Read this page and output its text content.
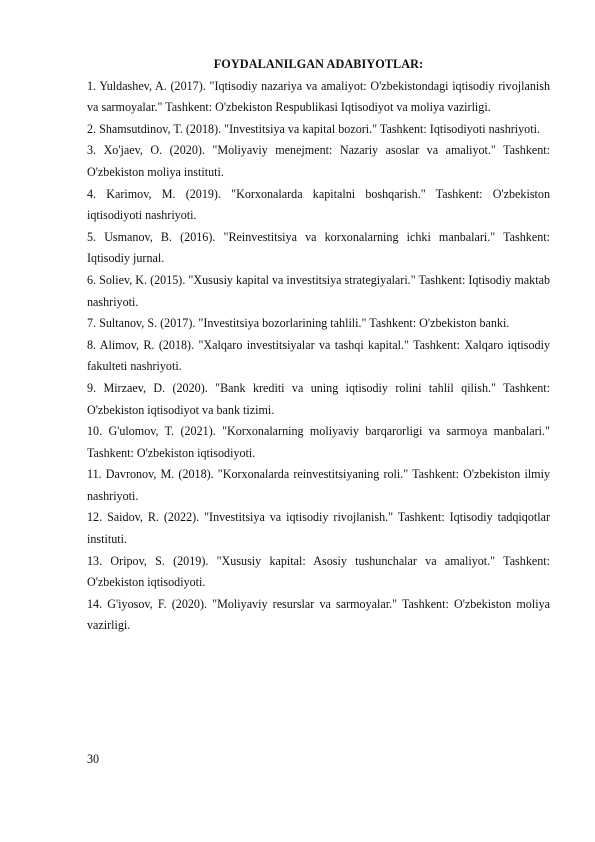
FOYDALANILGAN ADABIYOTLAR:

1. Yuldashev, A. (2017). "Iqtisodiy nazariya va amaliyot: O'zbekistondagi iqtisodiy rivojlanish va sarmoyalar." Tashkent: O'zbekiston Respublikasi Iqtisodiyot va moliya vazirligi.

2. Shamsutdinov, T. (2018). "Investitsiya va kapital bozori." Tashkent: Iqtisodiyoti nashriyoti.

3. Xo'jaev, O. (2020). "Moliyaviy menejment: Nazariy asoslar va amaliyot." Tashkent: O'zbekiston moliya instituti.

4. Karimov, M. (2019). "Korxonalarda kapitalni boshqarish." Tashkent: O'zbekiston iqtisodiyoti nashriyoti.

5. Usmanov, B. (2016). "Reinvestitsiya va korxonalarning ichki manbalari." Tashkent: Iqtisodiy jurnal.

6. Soliev, K. (2015). "Xususiy kapital va investitsiya strategiyalari." Tashkent: Iqtisodiy maktab nashriyoti.

7. Sultanov, S. (2017). "Investitsiya bozorlarining tahlili." Tashkent: O'zbekiston banki.

8. Alimov, R. (2018). "Xalqaro investitsiyalar va tashqi kapital." Tashkent: Xalqaro iqtisodiy fakulteti nashriyoti.

9. Mirzaev, D. (2020). "Bank krediti va uning iqtisodiy rolini tahlil qilish." Tashkent: O'zbekiston iqtisodiyot va bank tizimi.

10. G'ulomov, T. (2021). "Korxonalarning moliyaviy barqarorligi va sarmoya manbalari." Tashkent: O'zbekiston iqtisodiyoti.

11. Davronov, M. (2018). "Korxonalarda reinvestitsiyaning roli." Tashkent: O'zbekiston ilmiy nashriyoti.

12. Saidov, R. (2022). "Investitsiya va iqtisodiy rivojlanish." Tashkent: Iqtisodiy tadqiqotlar instituti.

13. Oripov, S. (2019). "Xususiy kapital: Asosiy tushunchalar va amaliyot." Tashkent: O'zbekiston iqtisodiyoti.

14. G'iyosov, F. (2020). "Moliyaviy resurslar va sarmoyalar." Tashkent: O'zbekiston moliya vazirligi.

30
